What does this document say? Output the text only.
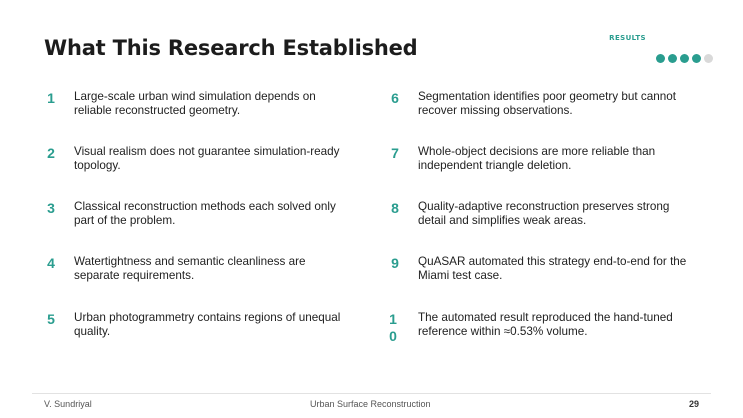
What This Research Established	RESULTS
1 Large-scale urban wind simulation depends on reliable reconstructed geometry.
2 Visual realism does not guarantee simulation-ready topology.
3 Classical reconstruction methods each solved only part of the problem.
4 Watertightness and semantic cleanliness are separate requirements.
5 Urban photogrammetry contains regions of unequal quality.
6 Segmentation identifies poor geometry but cannot recover missing observations.
7 Whole-object decisions are more reliable than independent triangle deletion.
8 Quality-adaptive reconstruction preserves strong detail and simplifies weak areas.
9 QuASAR automated this strategy end-to-end for the Miami test case.
10
The automated result reproduced the hand-tuned reference within ≈0.53% volume.
V. Sundriyal	Urban Surface Reconstruction	29
